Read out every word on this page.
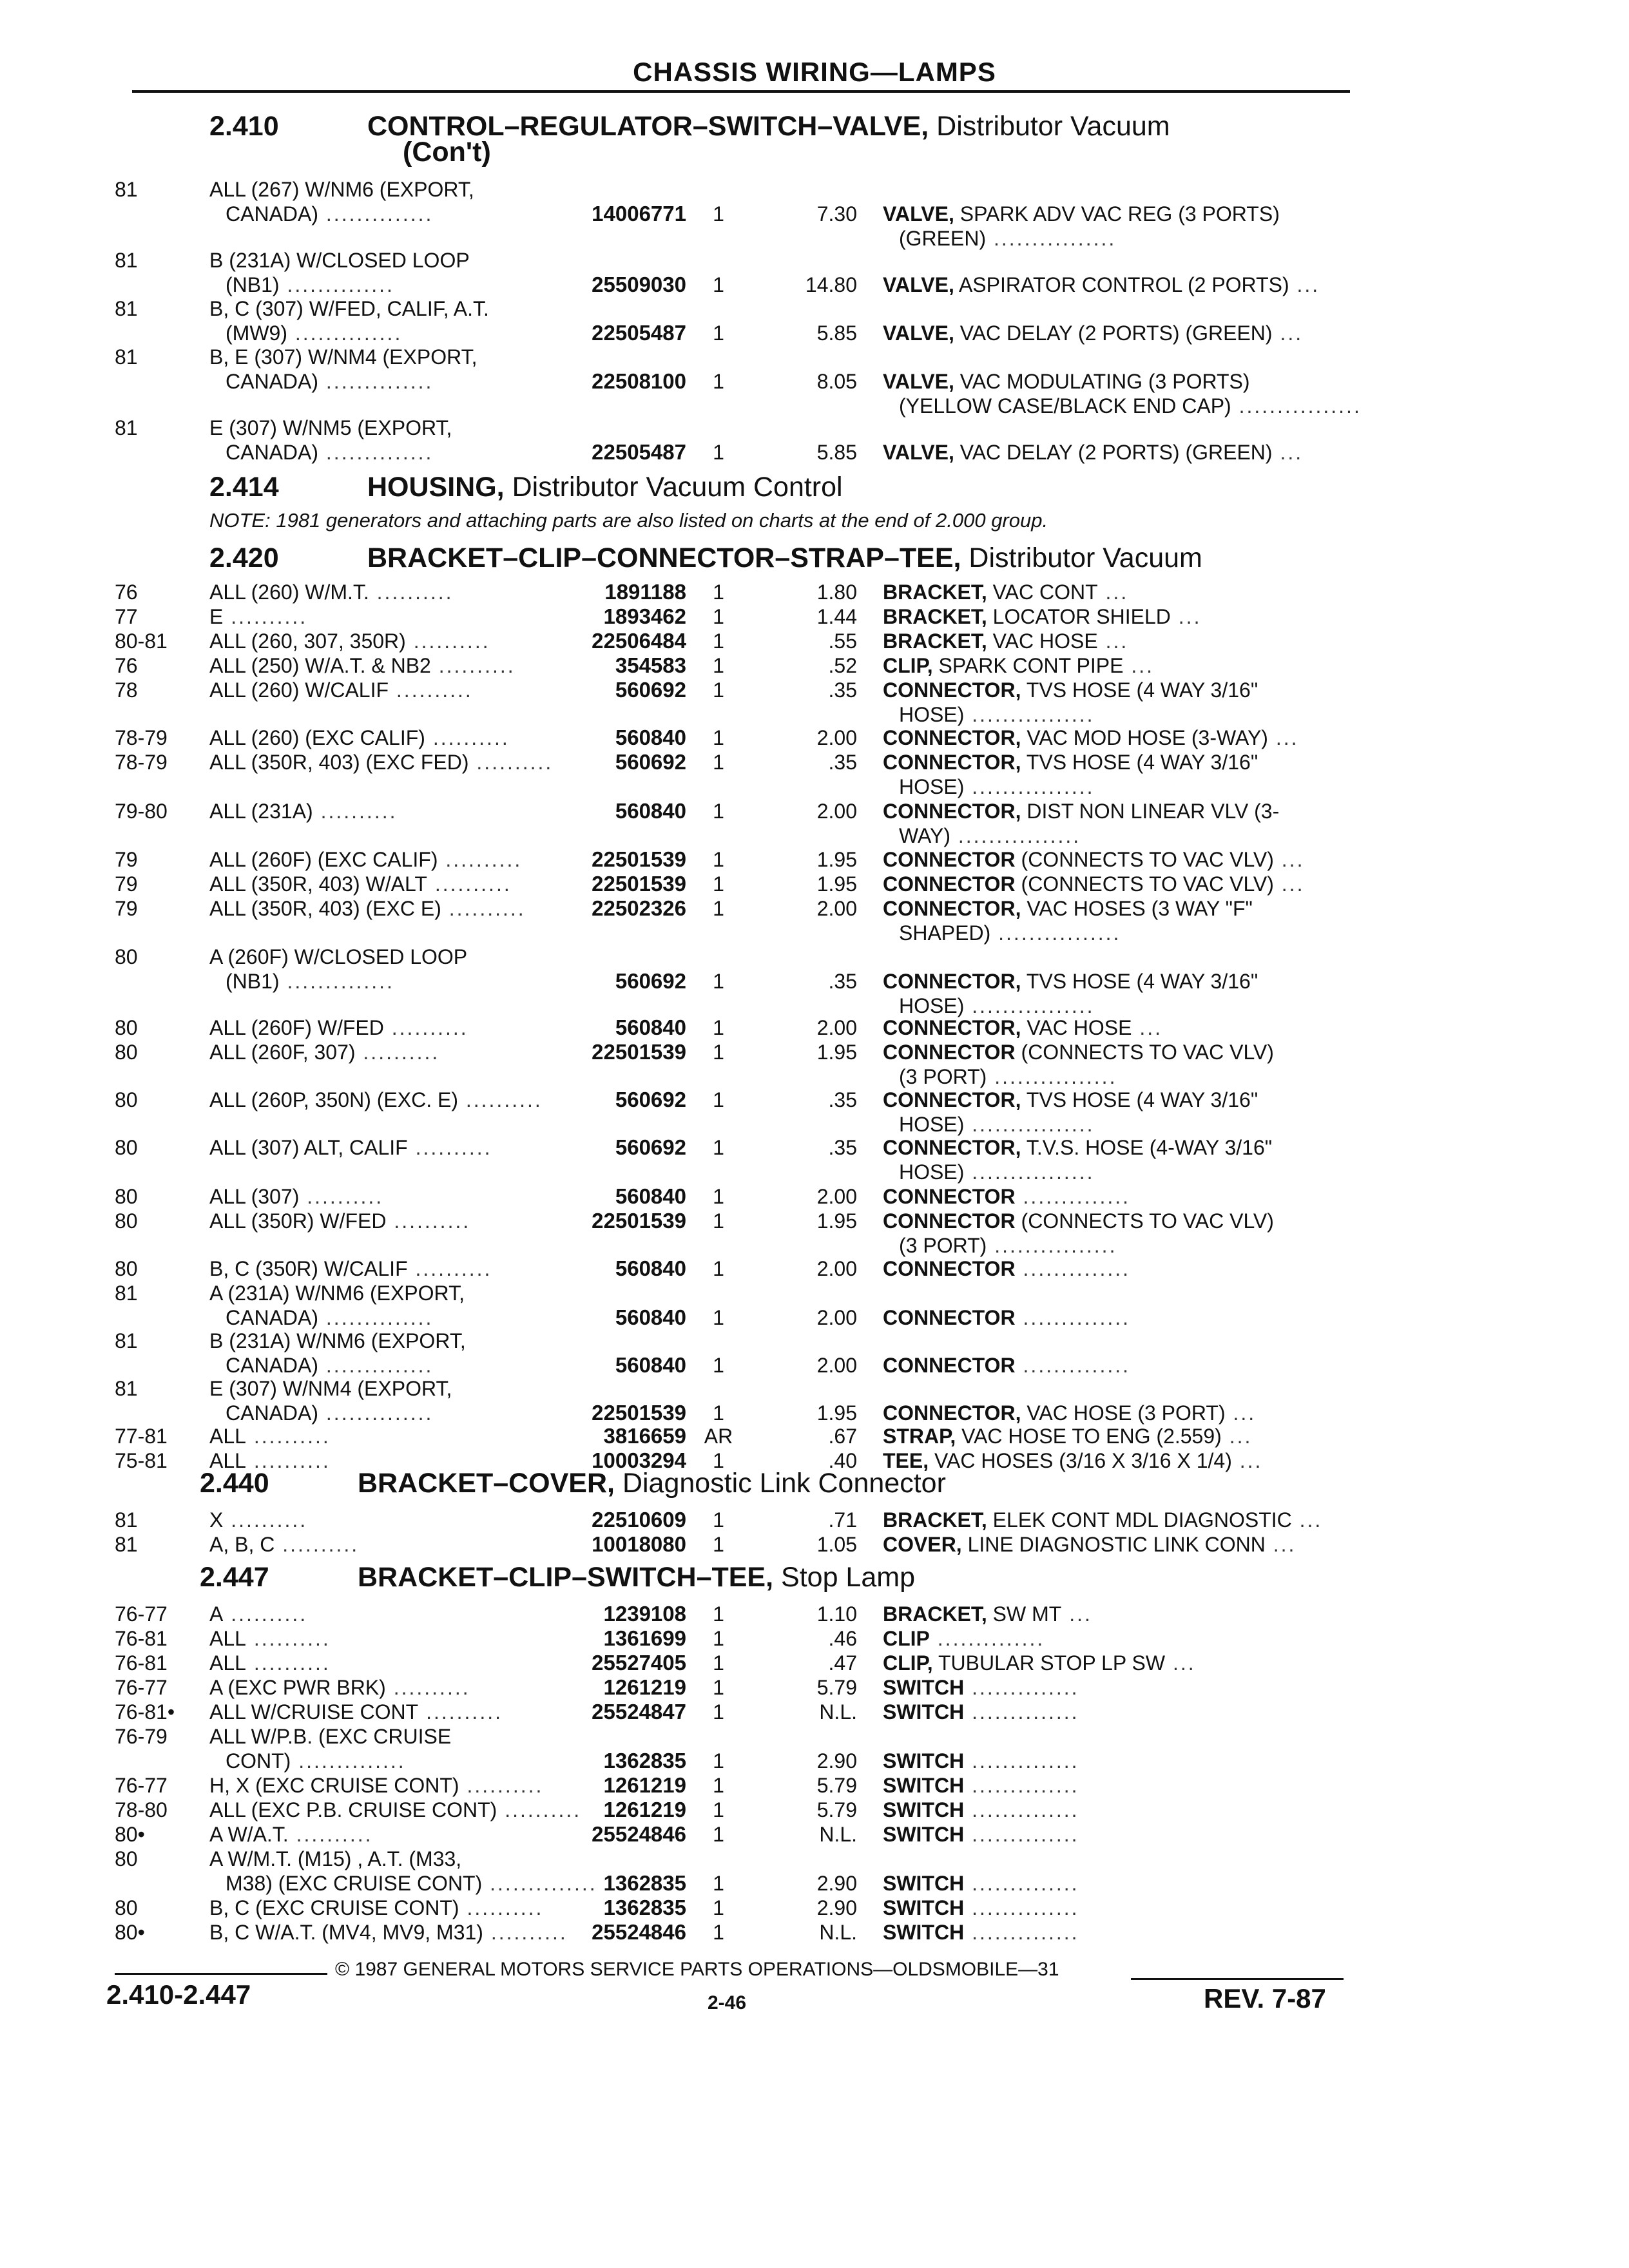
CHASSIS WIRING—LAMPS
2.410	CONTROL–REGULATOR–SWITCH–VALVE, Distributor Vacuum
(Con't)
81	ALL (267) W/NM6 (EXPORT,
CANADA) ..............	14006771	1	7.30 VALVE, SPARK ADV VAC REG (3 PORTS)
(GREEN) ................
81	B (231A) W/CLOSED LOOP
(NB1) ..............	25509030	1	14.80 VALVE, ASPIRATOR CONTROL (2 PORTS) ...
81	B, C (307) W/FED, CALIF, A.T.
(MW9) ..............	22505487	1	5.85 VALVE, VAC DELAY (2 PORTS) (GREEN) ...
81	B, E (307) W/NM4 (EXPORT,
CANADA) ..............	22508100	1	8.05 VALVE, VAC MODULATING (3 PORTS)
(YELLOW CASE/BLACK END CAP) ................
81	E (307) W/NM5 (EXPORT,
CANADA) ..............	22505487	1	5.85 VALVE, VAC DELAY (2 PORTS) (GREEN) ...
2.414	HOUSING, Distributor Vacuum Control
NOTE: 1981 generators and attaching parts are also listed on charts at the end of 2.000 group.
2.420	BRACKET–CLIP–CONNECTOR–STRAP–TEE, Distributor Vacuum
76	ALL (260) W/M.T. ..........	1891188	1	1.80 BRACKET, VAC CONT ...
77	E ..........	1893462	1	1.44 BRACKET, LOCATOR SHIELD ...
80-81	ALL (260, 307, 350R) ..........	22506484	1	.55 BRACKET, VAC HOSE ...
76	ALL (250) W/A.T. & NB2 ..........	354583	1	.52 CLIP, SPARK CONT PIPE ...
78	ALL (260) W/CALIF ..........	560692	1	.35 CONNECTOR, TVS HOSE (4 WAY 3/16"
HOSE) ................
78-79	ALL (260) (EXC CALIF) ..........	560840	1	2.00 CONNECTOR, VAC MOD HOSE (3-WAY) ...
78-79	ALL (350R, 403) (EXC FED) ..........	560692	1	.35 CONNECTOR, TVS HOSE (4 WAY 3/16"
HOSE) ................
79-80	ALL (231A) ..........	560840	1	2.00 CONNECTOR, DIST NON LINEAR VLV (3-
WAY) ................
79	ALL (260F) (EXC CALIF) ..........	22501539	1	1.95 CONNECTOR (CONNECTS TO VAC VLV) ...
79	ALL (350R, 403) W/ALT ..........	22501539	1	1.95 CONNECTOR (CONNECTS TO VAC VLV) ...
79	ALL (350R, 403) (EXC E) ..........	22502326	1	2.00 CONNECTOR, VAC HOSES (3 WAY "F"
SHAPED) ................
80	A (260F) W/CLOSED LOOP
(NB1) ..............	560692	1	.35 CONNECTOR, TVS HOSE (4 WAY 3/16"
HOSE) ................
80	ALL (260F) W/FED ..........	560840	1	2.00 CONNECTOR, VAC HOSE ...
80	ALL (260F, 307) ..........	22501539	1	1.95 CONNECTOR (CONNECTS TO VAC VLV)
(3 PORT) ................
80	ALL (260P, 350N) (EXC. E) ..........	560692	1	.35 CONNECTOR, TVS HOSE (4 WAY 3/16"
HOSE) ................
80	ALL (307) ALT, CALIF ..........	560692	1	.35 CONNECTOR, T.V.S. HOSE (4-WAY 3/16"
HOSE) ................
80	ALL (307) ..........	560840	1	2.00 CONNECTOR ..............
80	ALL (350R) W/FED ..........	22501539	1	1.95 CONNECTOR (CONNECTS TO VAC VLV)
(3 PORT) ................
80	B, C (350R) W/CALIF ..........	560840	1	2.00 CONNECTOR ..............
81	A (231A) W/NM6 (EXPORT,
CANADA) ..............	560840	1	2.00 CONNECTOR ..............
81	B (231A) W/NM6 (EXPORT,
CANADA) ..............	560840	1	2.00 CONNECTOR ..............
81	E (307) W/NM4 (EXPORT,
CANADA) ..............	22501539	1	1.95 CONNECTOR, VAC HOSE (3 PORT) ...
77-81	ALL ..........	3816659 AR	.67 STRAP, VAC HOSE TO ENG (2.559) ...
75-81	ALL ..........	10003294	1	.40 TEE, VAC HOSES (3/16 X 3/16 X 1/4) ...
2.440	BRACKET–COVER, Diagnostic Link Connector
81	X ..........	22510609	1	.71 BRACKET, ELEK CONT MDL DIAGNOSTIC ...
81	A, B, C ..........	10018080	1	1.05 COVER, LINE DIAGNOSTIC LINK CONN ...
2.447	BRACKET–CLIP–SWITCH–TEE, Stop Lamp
76-77	A ..........	1239108	1	1.10 BRACKET, SW MT ...
76-81	ALL ..........	1361699	1	.46 CLIP ..............
76-81	ALL ..........	25527405	1	.47 CLIP, TUBULAR STOP LP SW ...
76-77	A (EXC PWR BRK) ..........	1261219	1	5.79 SWITCH ..............
76-81•	ALL W/CRUISE CONT ..........	25524847	1	N.L. SWITCH ..............
76-79	ALL W/P.B. (EXC CRUISE
CONT) ..............	1362835	1	2.90 SWITCH ..............
76-77	H, X (EXC CRUISE CONT) ..........	1261219	1	5.79 SWITCH ..............
78-80	ALL (EXC P.B. CRUISE CONT) ..........	1261219	1	5.79 SWITCH ..............
80•	A W/A.T. ..........	25524846	1	N.L. SWITCH ..............
80	A W/M.T. (M15) , A.T. (M33,
M38) (EXC CRUISE CONT) .............. 1362835	1	2.90 SWITCH ..............
80	B, C (EXC CRUISE CONT) ..........	1362835	1	2.90 SWITCH ..............
80•	B, C W/A.T. (MV4, MV9, M31) ..........	25524846	1	N.L. SWITCH ..............
© 1987 GENERAL MOTORS SERVICE PARTS OPERATIONS—OLDSMOBILE—31
2.410-2.447	2-46	REV. 7-87
